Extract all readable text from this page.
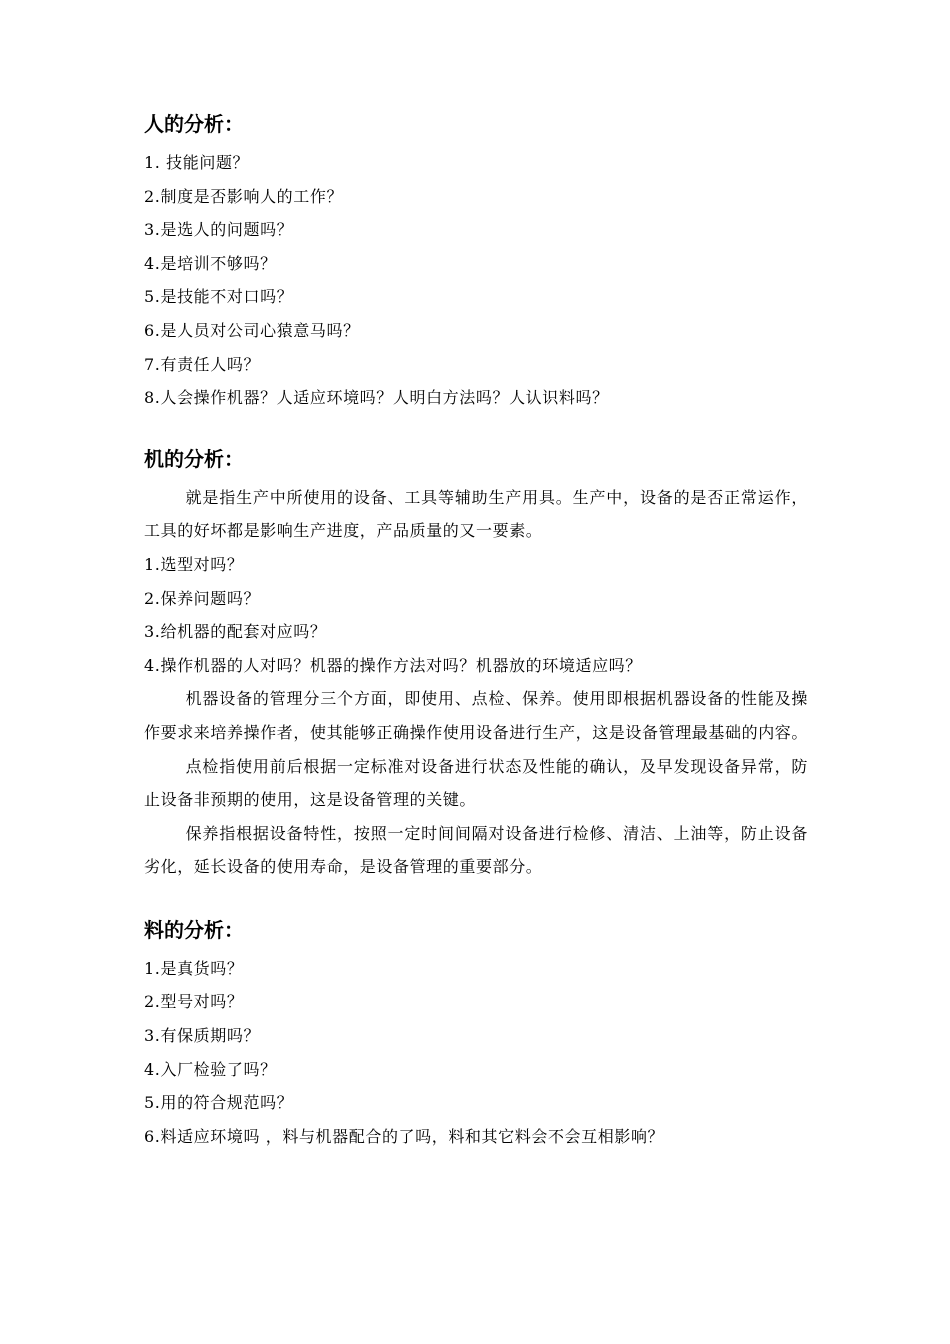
人的分析：
1. 技能问题？
2.制度是否影响人的工作？
3.是选人的问题吗？
4.是培训不够吗？
5.是技能不对口吗？
6.是人员对公司心猿意马吗？
7.有责任人吗？
8.人会操作机器？人适应环境吗？人明白方法吗？人认识料吗？
机的分析：

就是指生产中所使用的设备、工具等辅助生产用具。生产中，设备的是否正常运作，工具的好坏都是影响生产进度，产品质量的又一要素。

1.选型对吗？
2.保养问题吗？
3.给机器的配套对应吗？
4.操作机器的人对吗？机器的操作方法对吗？机器放的环境适应吗？

机器设备的管理分三个方面，即使用、点检、保养。使用即根据机器设备的性能及操作要求来培养操作者，使其能够正确操作使用设备进行生产，这是设备管理最基础的内容。

点检指使用前后根据一定标准对设备进行状态及性能的确认，及早发现设备异常，防止设备非预期的使用，这是设备管理的关键。

保养指根据设备特性，按照一定时间间隔对设备进行检修、清洁、上油等，防止设备劣化，延长设备的使用寿命，是设备管理的重要部分。

料的分析：
1.是真货吗？
2.型号对吗？
3.有保质期吗？
4.入厂检验了吗？
5.用的符合规范吗？
6.料适应环境吗 ，料与机器配合的了吗，料和其它料会不会互相影响？
